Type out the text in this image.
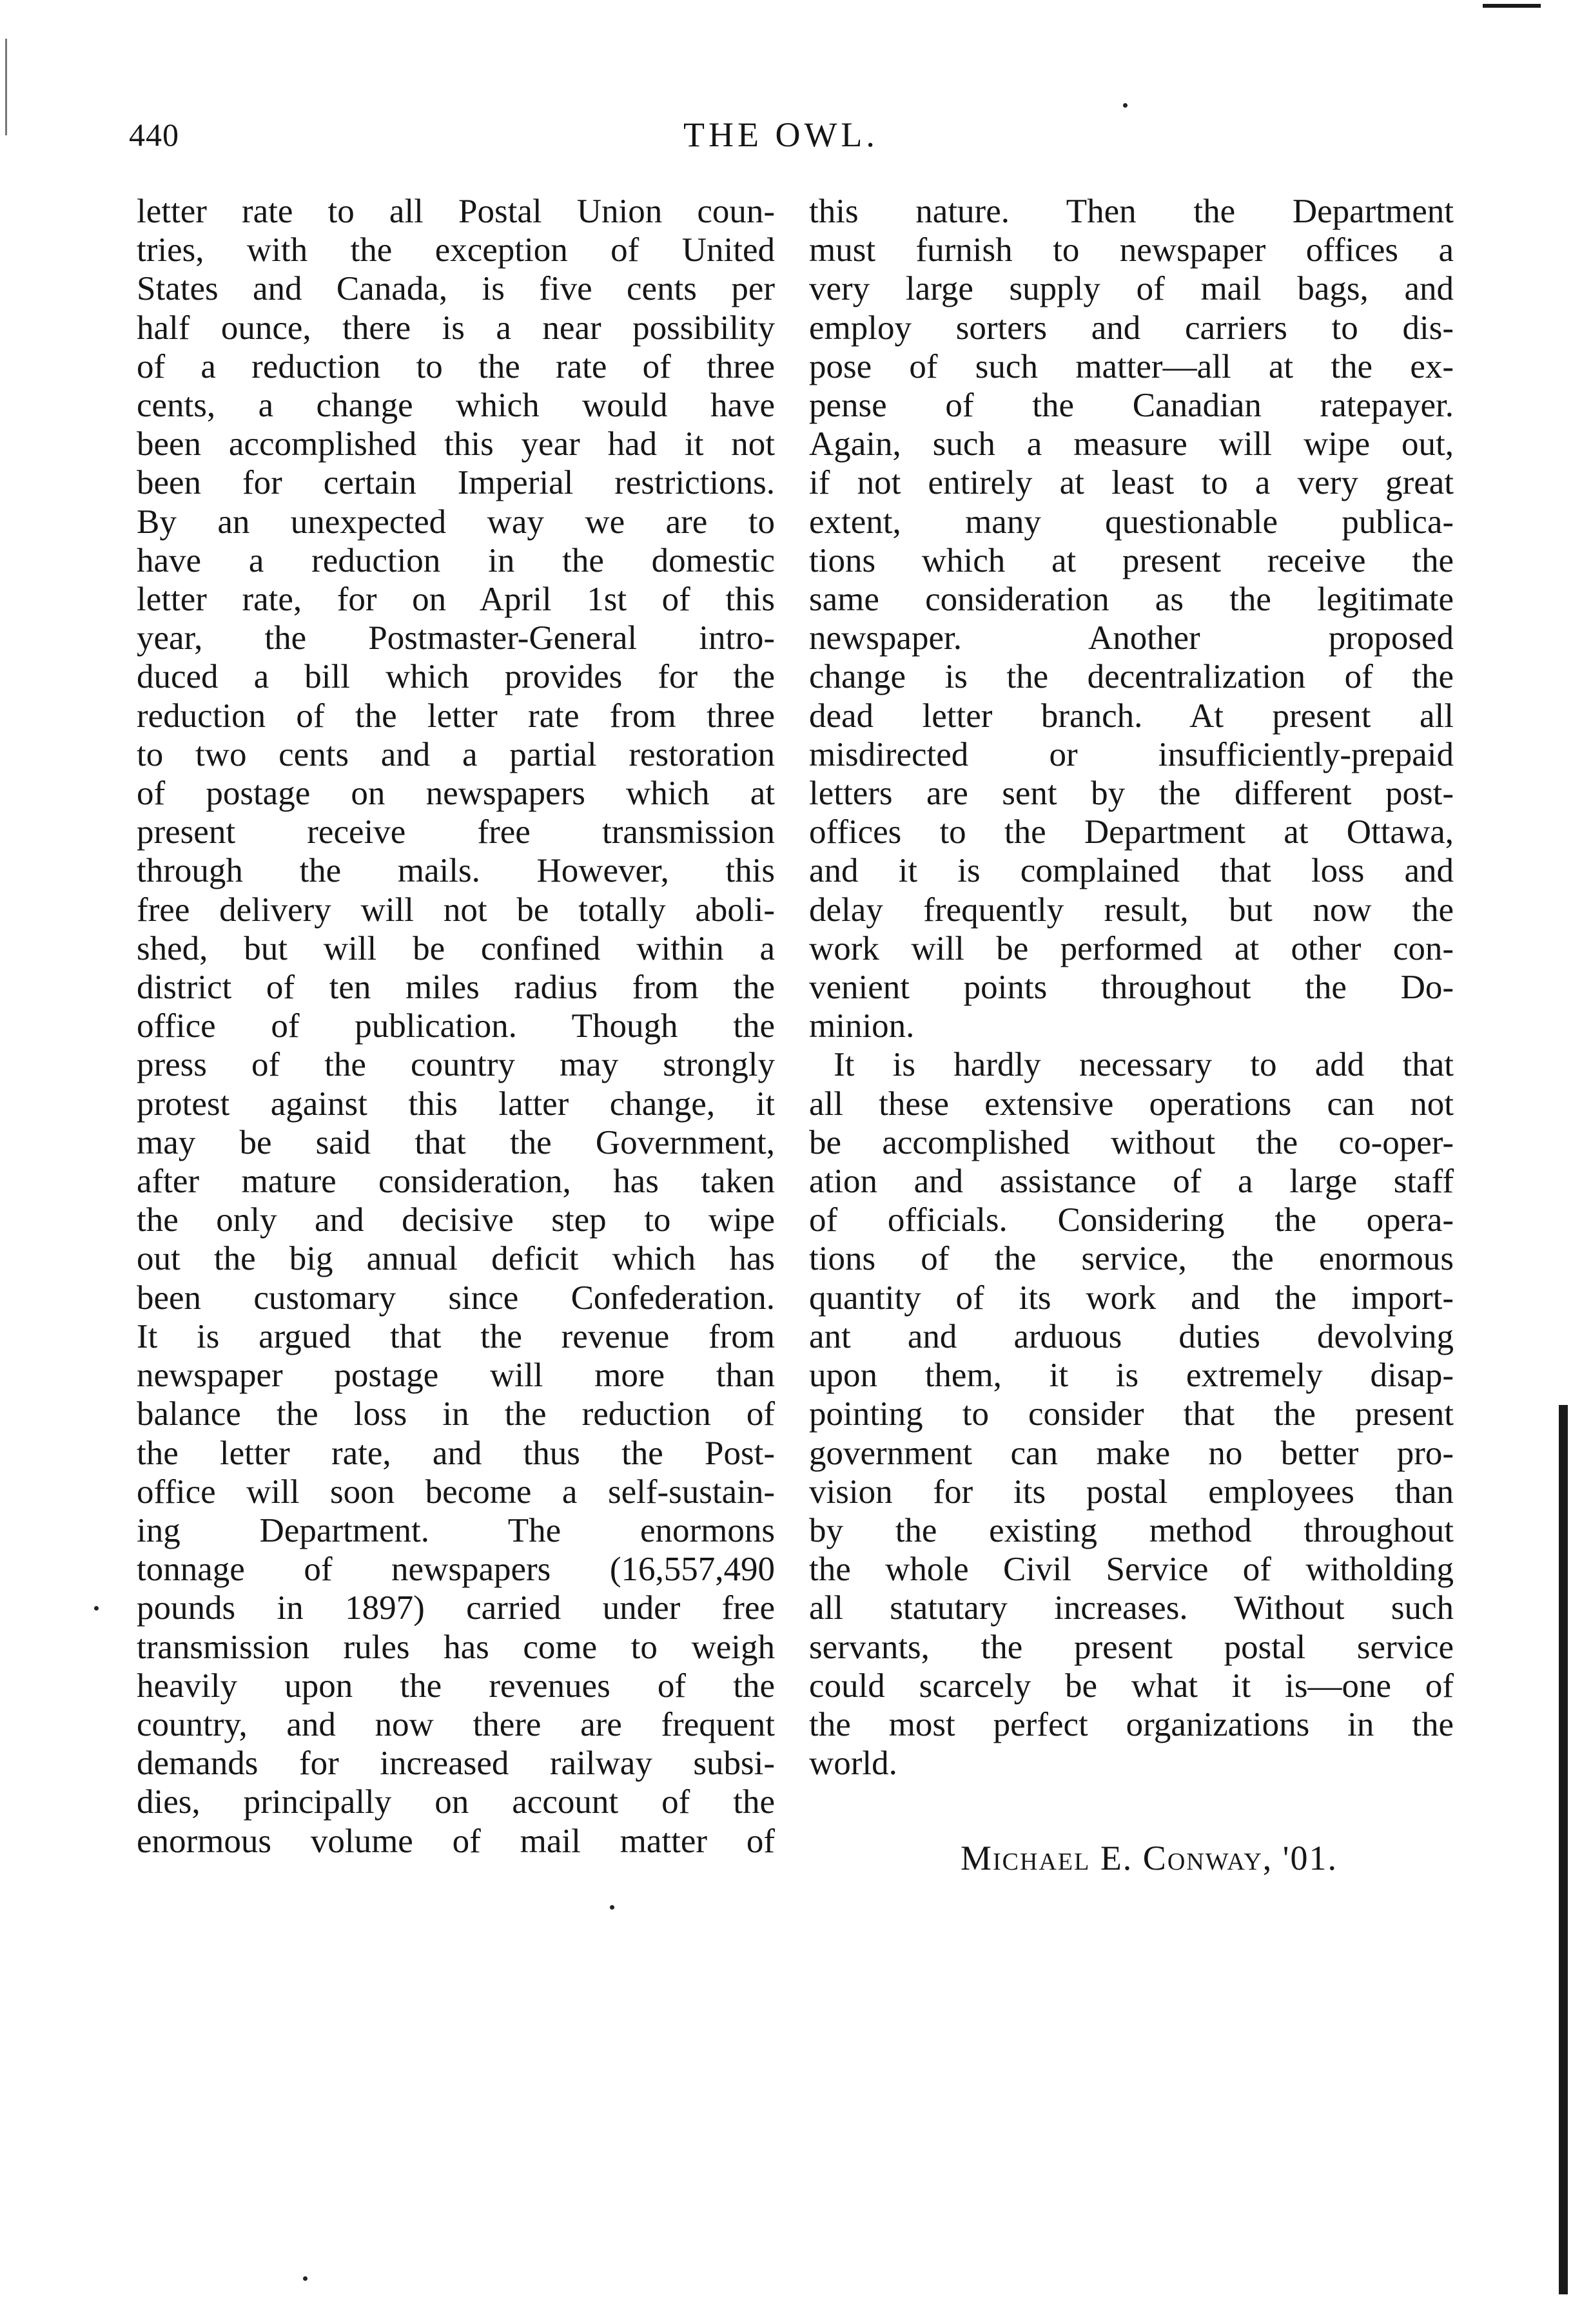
440	THE OWL.
letter rate to all Postal Union coun-
tries, with the exception of United
States and Canada, is five cents per
half ounce, there is a near possibility
of a reduction to the rate of three
cents, a change which would have
been accomplished this year had it not
been for certain Imperial restrictions.
By an unexpected way we are to
have a reduction in the domestic
letter rate, for on April 1st of this
year, the Postmaster-General intro-
duced a bill which provides for the
reduction of the letter rate from three
to two cents and a partial restoration
of postage on newspapers which at
present receive free transmission
through the mails. However, this
free delivery will not be totally aboli-
shed, but will be confined within a
district of ten miles radius from the
office of publication. Though the
press of the country may strongly
protest against this latter change, it
may be said that the Government,
after mature consideration, has taken
the only and decisive step to wipe
out the big annual deficit which has
been customary since Confederation.
It is argued that the revenue from
newspaper postage will more than
balance the loss in the reduction of
the letter rate, and thus the Post-
office will soon become a self-sustain-
ing Department. The enormons
tonnage of newspapers (16,557,490
pounds in 1897) carried under free
transmission rules has come to weigh
heavily upon the revenues of the
country, and now there are frequent
demands for increased railway subsi-
dies, principally on account of the
enormous volume of mail matter of
this nature. Then the Department
must furnish to newspaper offices a
very large supply of mail bags, and
employ sorters and carriers to dis-
pose of such matter—all at the ex-
pense of the Canadian ratepayer.
Again, such a measure will wipe out,
if not entirely at least to a very great
extent, many questionable publica-
tions which at present receive the
same consideration as the legitimate
newspaper. Another proposed
change is the decentralization of the
dead letter branch. At present all
misdirected or insufficiently-prepaid
letters are sent by the different post-
offices to the Department at Ottawa,
and it is complained that loss and
delay frequently result, but now the
work will be performed at other con-
venient points throughout the Do-
minion.
It is hardly necessary to add that
all these extensive operations can not
be accomplished without the co-oper-
ation and assistance of a large staff
of officials. Considering the opera-
tions of the service, the enormous
quantity of its work and the import-
ant and arduous duties devolving
upon them, it is extremely disap-
pointing to consider that the present
government can make no better pro-
vision for its postal employees than
by the existing method throughout
the whole Civil Service of witholding
all statutary increases. Without such
servants, the present postal service
could scarcely be what it is—one of
the most perfect organizations in the
world.
Michael E. Conway, '01.
